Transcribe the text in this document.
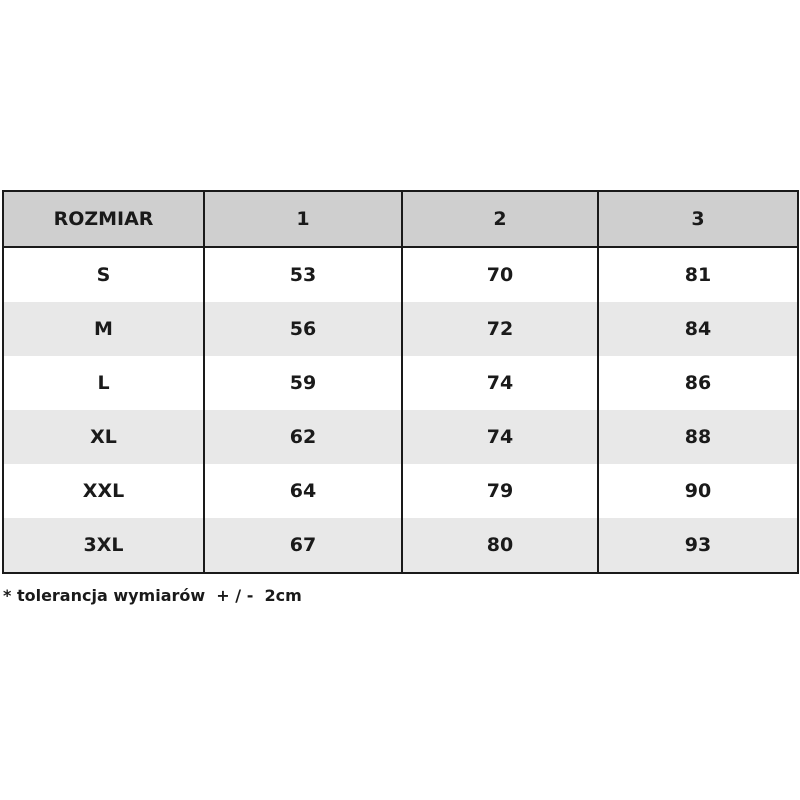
ROZMIAR	1	2	3
S	53	70	81
M	56	72	84
L	59	74	86
XL	62	74	88
XXL	64	79	90
3XL	67	80	93
* tolerancja wymiarów  + / -  2cm
